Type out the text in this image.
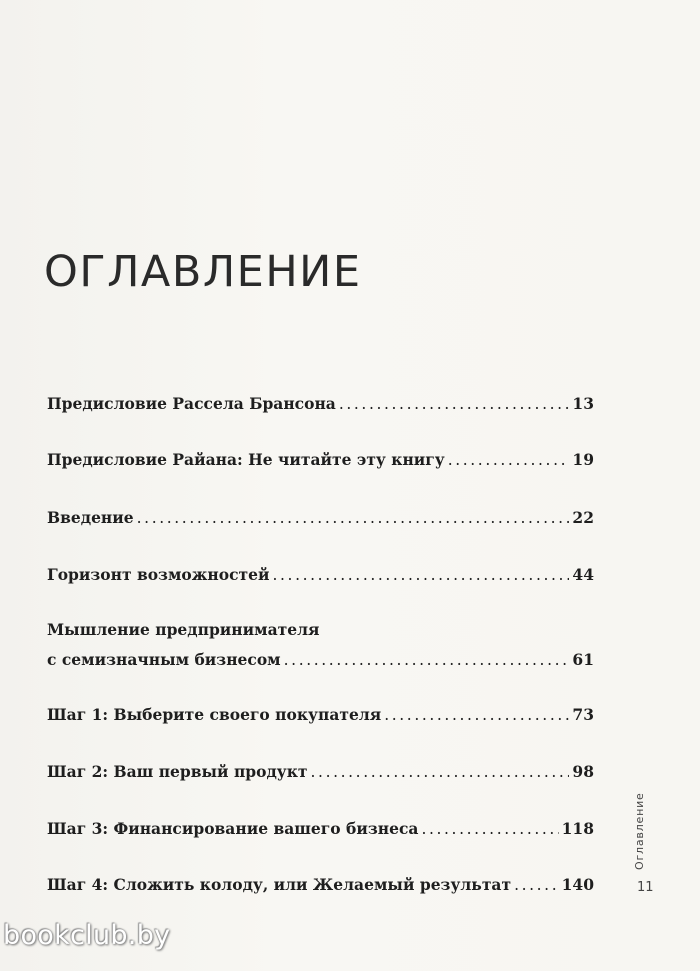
ОГЛАВЛЕНИЕ
Предисловие Рассела Брансона .....	13
Предисловие Райана: Не читайте эту книгу .....	19
Введение .....	22
Горизонт возможностей .....	44
Мышление предпринимателя
с семизначным бизнесом .....	61
Шаг 1: Выберите своего покупателя .....	73
Шаг 2: Ваш первый продукт .....	98
Шаг 3: Финансирование вашего бизнеса .....	118
Шаг 4: Сложить колоду, или Желаемый результат .....	140
Оглавление
11
bookclub.by
